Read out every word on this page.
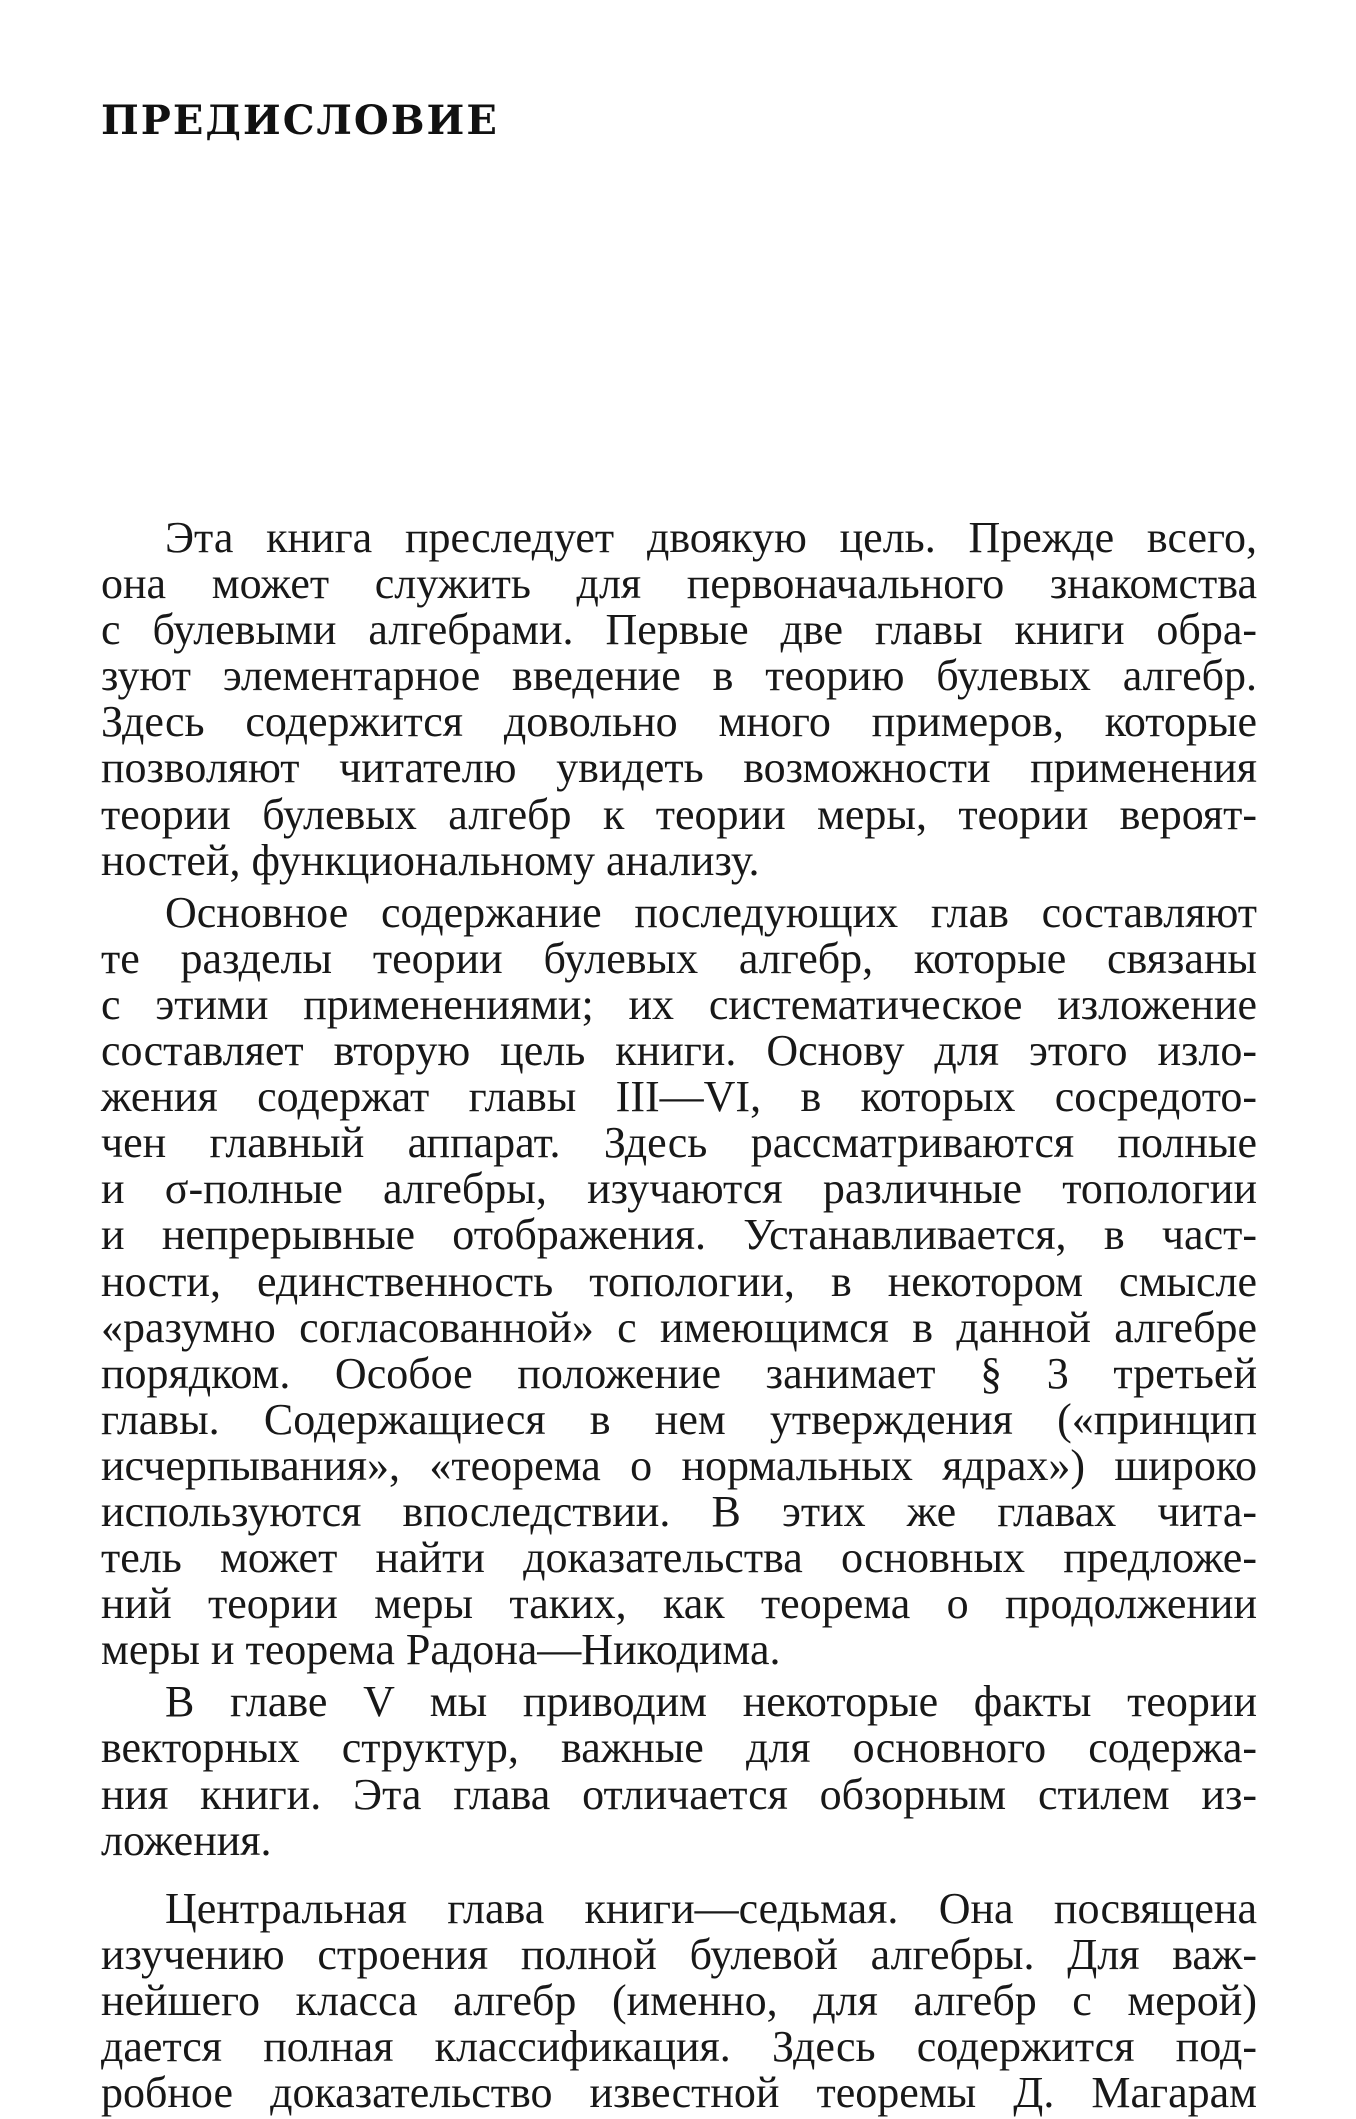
ПРЕДИСЛОВИЕ
Эта книга преследует двоякую цель. Прежде всего,
она может служить для первоначального знакомства
с булевыми алгебрами. Первые две главы книги обра-
зуют элементарное введение в теорию булевых алгебр.
Здесь содержится довольно много примеров, которые
позволяют читателю увидеть возможности применения
теории булевых алгебр к теории меры, теории вероят-
ностей, функциональному анализу.
Основное содержание последующих глав составляют
те разделы теории булевых алгебр, которые связаны
с этими применениями; их систематическое изложение
составляет вторую цель книги. Основу для этого изло-
жения содержат главы III—VI, в которых сосредото-
чен главный аппарат. Здесь рассматриваются полные
и σ-полные алгебры, изучаются различные топологии
и непрерывные отображения. Устанавливается, в част-
ности, единственность топологии, в некотором смысле
«разумно согласованной» с имеющимся в данной алгебре
порядком. Особое положение занимает § 3 третьей
главы. Содержащиеся в нем утверждения («принцип
исчерпывания», «теорема о нормальных ядрах») широко
используются впоследствии. В этих же главах чита-
тель может найти доказательства основных предложе-
ний теории меры таких, как теорема о продолжении
меры и теорема Радона—Никодима.
В главе V мы приводим некоторые факты теории
векторных структур, важные для основного содержа-
ния книги. Эта глава отличается обзорным стилем из-
ложения.
Центральная глава книги—седьмая. Она посвящена
изучению строения полной булевой алгебры. Для важ-
нейшего класса алгебр (именно, для алгебр с мерой)
дается полная классификация. Здесь содержится под-
робное доказательство известной теоремы Д. Магарам
